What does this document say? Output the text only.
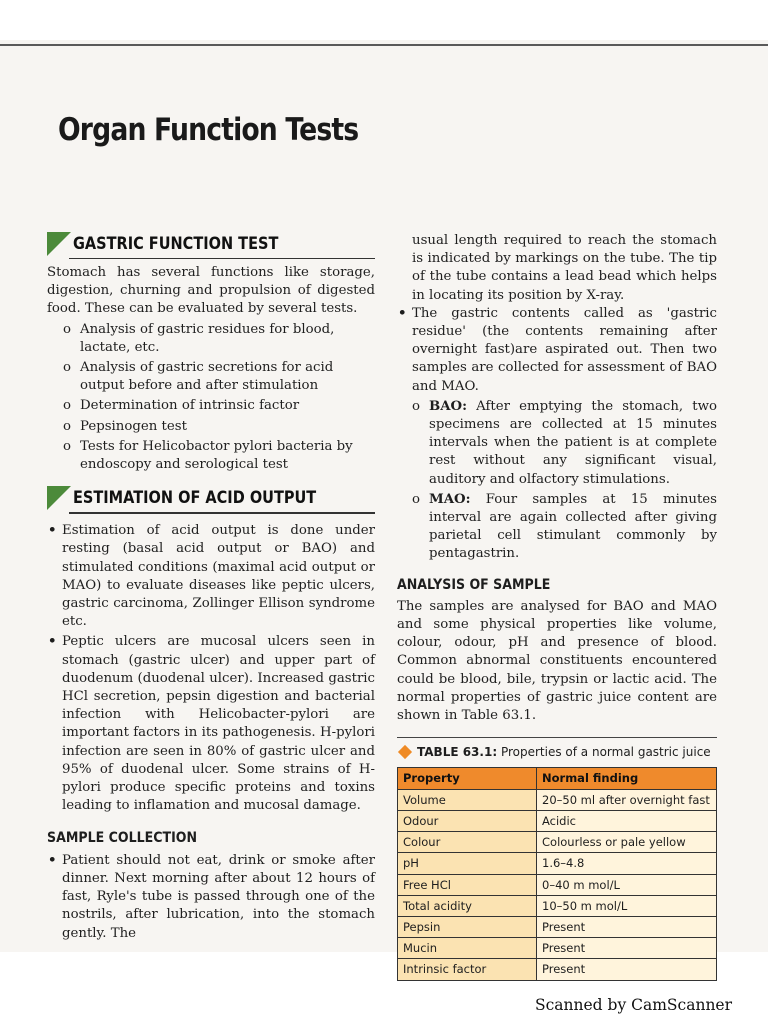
Organ Function Tests
GASTRIC FUNCTION TEST

Stomach has several functions like storage, digestion, churning and propulsion of digested food. These can be evaluated by several tests.

o Analysis of gastric residues for blood, lactate, etc.
o Analysis of gastric secretions for acid output before and after stimulation
o Determination of intrinsic factor
o Pepsinogen test
o Tests for Helicobactor pylori bacteria by endoscopy and serological test
ESTIMATION OF ACID OUTPUT
• Estimation of acid output is done under resting (basal acid output or BAO) and stimulated conditions (maximal acid output or MAO) to evaluate diseases like peptic ulcers, gastric carcinoma, Zollinger Ellison syndrome etc.
• Peptic ulcers are mucosal ulcers seen in stomach (gastric ulcer) and upper part of duodenum (duodenal ulcer). Increased gastric HCl secretion, pepsin digestion and bacterial infection with Helicobacter-pylori are important factors in its pathogenesis. H-pylori infection are seen in 80% of gastric ulcer and 95% of duodenal ulcer. Some strains of H-pylori produce specific proteins and toxins leading to inflamation and mucosal damage.
SAMPLE COLLECTION
• Patient should not eat, drink or smoke after dinner. Next morning after about 12 hours of fast, Ryle's tube is passed through one of the nostrils, after lubrication, into the stomach gently. The

usual length required to reach the stomach is indicated by markings on the tube. The tip of the tube contains a lead bead which helps in locating its position by X-ray.

• The gastric contents called as 'gastric residue' (the contents remaining after overnight fast)are aspirated out. Then two samples are collected for assessment of BAO and MAO.
o BAO: After emptying the stomach, two specimens are collected at 15 minutes intervals when the patient is at complete rest without any significant visual, auditory and olfactory stimulations.
o MAO: Four samples at 15 minutes interval are again collected after giving parietal cell stimulant commonly by pentagastrin.
ANALYSIS OF SAMPLE

The samples are analysed for BAO and MAO and some physical properties like volume, colour, odour, pH and presence of blood. Common abnormal constituents encountered could be blood, bile, trypsin or lactic acid. The normal properties of gastric juice content are shown in Table 63.1.

TABLE 63.1: Properties of a normal gastric juice
Property	Normal finding
Volume	20–50 ml after overnight fast
Odour	Acidic
Colour	Colourless or pale yellow
pH	1.6–4.8
Free HCl	0–40 m mol/L
Total acidity	10–50 m mol/L
Pepsin	Present
Mucin	Present
Intrinsic factor	Present
Scanned by CamScanner
